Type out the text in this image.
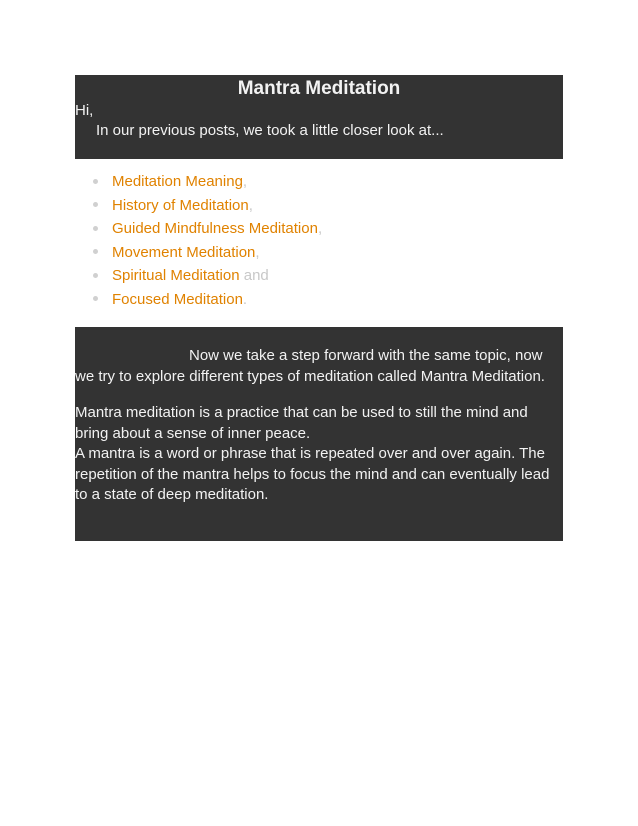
Mantra Meditation
Hi,
In our previous posts, we took a little closer look at...
Meditation Meaning,
History of Meditation,
Guided Mindfulness Meditation,
Movement Meditation,
Spiritual Meditation and
Focused Meditation.

Now we take a step forward with the same topic, now we try to explore different types of meditation called Mantra Meditation.

Mantra meditation is a practice that can be used to still the mind and bring about a sense of inner peace.
A mantra is a word or phrase that is repeated over and over again. The repetition of the mantra helps to focus the mind and can eventually lead to a state of deep meditation.
